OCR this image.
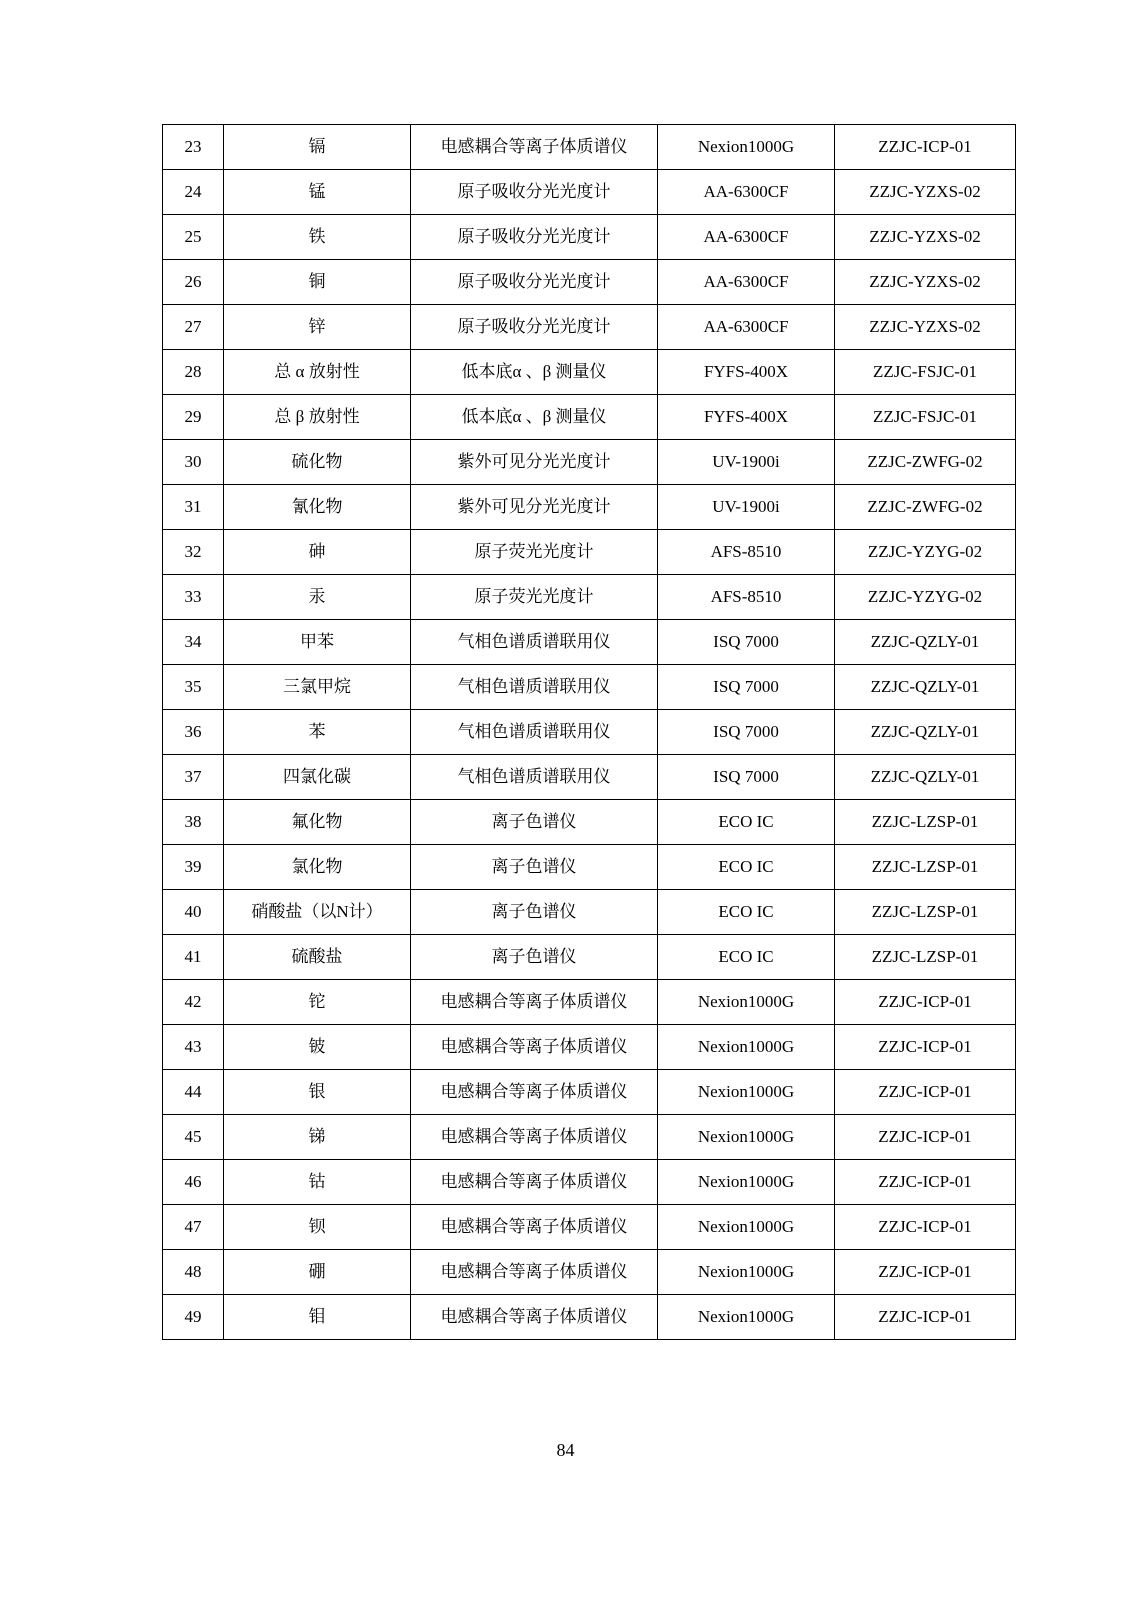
23	镉	电感耦合等离子体质谱仪	Nexion1000G	ZZJC-ICP-01
24	锰	原子吸收分光光度计	AA-6300CF	ZZJC-YZXS-02
25	铁	原子吸收分光光度计	AA-6300CF	ZZJC-YZXS-02
26	铜	原子吸收分光光度计	AA-6300CF	ZZJC-YZXS-02
27	锌	原子吸收分光光度计	AA-6300CF	ZZJC-YZXS-02
28	总 α 放射性	低本底α 、β 测量仪	FYFS-400X	ZZJC-FSJC-01
29	总 β 放射性	低本底α 、β 测量仪	FYFS-400X	ZZJC-FSJC-01
30	硫化物	紫外可见分光光度计	UV-1900i	ZZJC-ZWFG-02
31	氰化物	紫外可见分光光度计	UV-1900i	ZZJC-ZWFG-02
32	砷	原子荧光光度计	AFS-8510	ZZJC-YZYG-02
33	汞	原子荧光光度计	AFS-8510	ZZJC-YZYG-02
34	甲苯	气相色谱质谱联用仪	ISQ 7000	ZZJC-QZLY-01
35	三氯甲烷	气相色谱质谱联用仪	ISQ 7000	ZZJC-QZLY-01
36	苯	气相色谱质谱联用仪	ISQ 7000	ZZJC-QZLY-01
37	四氯化碳	气相色谱质谱联用仪	ISQ 7000	ZZJC-QZLY-01
38	氟化物	离子色谱仪	ECO IC	ZZJC-LZSP-01
39	氯化物	离子色谱仪	ECO IC	ZZJC-LZSP-01
40	硝酸盐（以N计）	离子色谱仪	ECO IC	ZZJC-LZSP-01
41	硫酸盐	离子色谱仪	ECO IC	ZZJC-LZSP-01
42	铊	电感耦合等离子体质谱仪	Nexion1000G	ZZJC-ICP-01
43	铍	电感耦合等离子体质谱仪	Nexion1000G	ZZJC-ICP-01
44	银	电感耦合等离子体质谱仪	Nexion1000G	ZZJC-ICP-01
45	锑	电感耦合等离子体质谱仪	Nexion1000G	ZZJC-ICP-01
46	钴	电感耦合等离子体质谱仪	Nexion1000G	ZZJC-ICP-01
47	钡	电感耦合等离子体质谱仪	Nexion1000G	ZZJC-ICP-01
48	硼	电感耦合等离子体质谱仪	Nexion1000G	ZZJC-ICP-01
49	钼	电感耦合等离子体质谱仪	Nexion1000G	ZZJC-ICP-01
84
